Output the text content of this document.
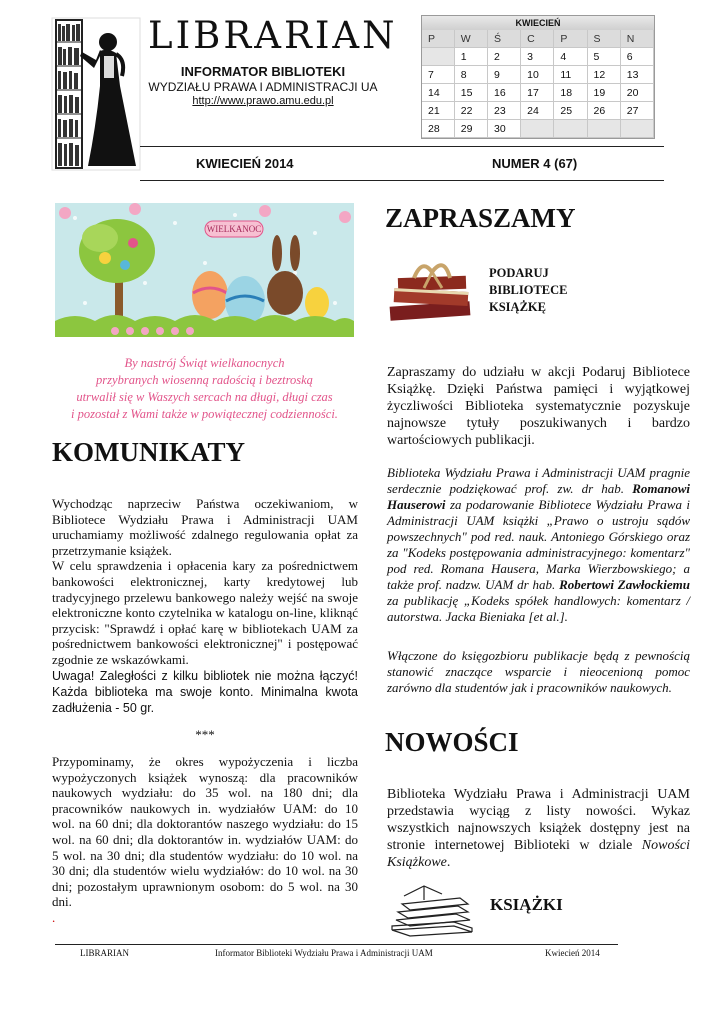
LIBRARIAN
INFORMATOR BIBLIOTEKI
WYDZIAŁU PRAWA I ADMINISTRACJI UA
http://www.prawo.amu.edu.pl
KWIECIEŃ
P	W	Ś	C	P	S	N
	1	2	3	4	5	6
7	8	9	10	11	12	13
14	15	16	17	18	19	20
21	22	23	24	25	26	27
28	29	30				
KWIECIEŃ 2014	NUMER 4 (67)
WIELKANOC
By nastrój Świąt wielkanocnych
przybranych wiosenną radością i beztroską
utrwalił się w Waszych sercach na długi, długi czas
i pozostał z Wami także w powiątecznej codzienności.
KOMUNIKATY

Wychodząc naprzeciw Państwa oczekiwaniom, w Bibliotece Wydziału Prawa i Administracji UAM uruchamiamy możliwość zdalnego regulowania opłat za przetrzymanie książek.

W celu sprawdzenia i opłacenia kary za pośrednictwem bankowości elektronicznej, karty kredytowej lub tradycyjnego przelewu bankowego należy wejść na swoje elektroniczne konto czytelnika w katalogu on-line, kliknąć przycisk: "Sprawdź i opłać karę w bibliotekach UAM za pośrednictwem bankowości elektronicznej" i postępować zgodnie ze wskazówkami.

Uwaga! Zaległości z kilku bibliotek nie można łączyć! Każda biblioteka ma swoje konto. Minimalna kwota zadłużenia - 50 gr.

***

Przypominamy, że okres wypożyczenia i liczba wypożyczonych książek wynoszą: dla pracowników naukowych wydziału: do 35 wol. na 180 dni; dla pracowników naukowych in. wydziałów UAM: do 10 wol. na 60 dni; dla doktorantów naszego wydziału: do 15 wol. na 60 dni; dla doktorantów in. wydziałów UAM: do 5 wol. na 30 dni; dla studentów wydziału: do 10 wol. na 30 dni; dla studentów wielu wydziałów: do 10 wol. na 30 dni; pozostałym uprawnionym osobom: do 5 wol. na 30 dni.

.

ZAPRASZAMY
PODARUJ
BIBLIOTECE
KSIĄŻKĘ
Zapraszamy do udziału w akcji Podaruj Bibliotece Książkę. Dzięki Państwa pamięci i wyjątkowej życzliwości Biblioteka systematycznie pozyskuje najnowsze tytuły poszukiwanych i bardzo wartościowych publikacji.
Biblioteka Wydziału Prawa i Administracji UAM pragnie serdecznie podziękować prof. zw. dr hab. Romanowi Hauserowi za podarowanie Bibliotece Wydziału Prawa i Administracji UAM książki „Prawo o ustroju sądów powszechnych" pod red. nauk. Antoniego Górskiego oraz za "Kodeks postępowania administracyjnego: komentarz" pod red. Romana Hausera, Marka Wierzbowskiego; a także prof. nadzw. UAM dr hab. Robertowi Zawłockiemu za publikację „Kodeks spółek handlowych: komentarz / autorstwa. Jacka Bieniaka [et al.].
Włączone do księgozbioru publikacje będą z pewnością stanowić znaczące wsparcie i nieocenioną pomoc zarówno dla studentów jak i pracowników naukowych.
NOWOŚCI
Biblioteka Wydziału Prawa i Administracji UAM przedstawia wyciąg z listy nowości. Wykaz wszystkich najnowszych książek dostępny jest na stronie internetowej Biblioteki w dziale Nowości Książkowe.
KSIĄŻKI
LIBRARIAN	Informator Biblioteki Wydziału Prawa i Administracji UAM	Kwiecień 2014
